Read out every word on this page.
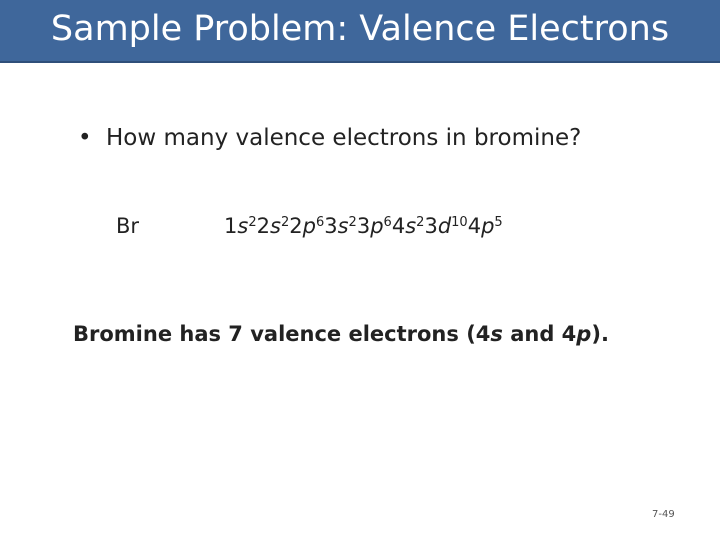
Sample Problem: Valence Electrons
• How many valence electrons in bromine?
Br	$1s^22s^22p^63s^23p^64s^23d^{10}4p^5$
Bromine has 7 valence electrons (4s and 4p).
7-49
